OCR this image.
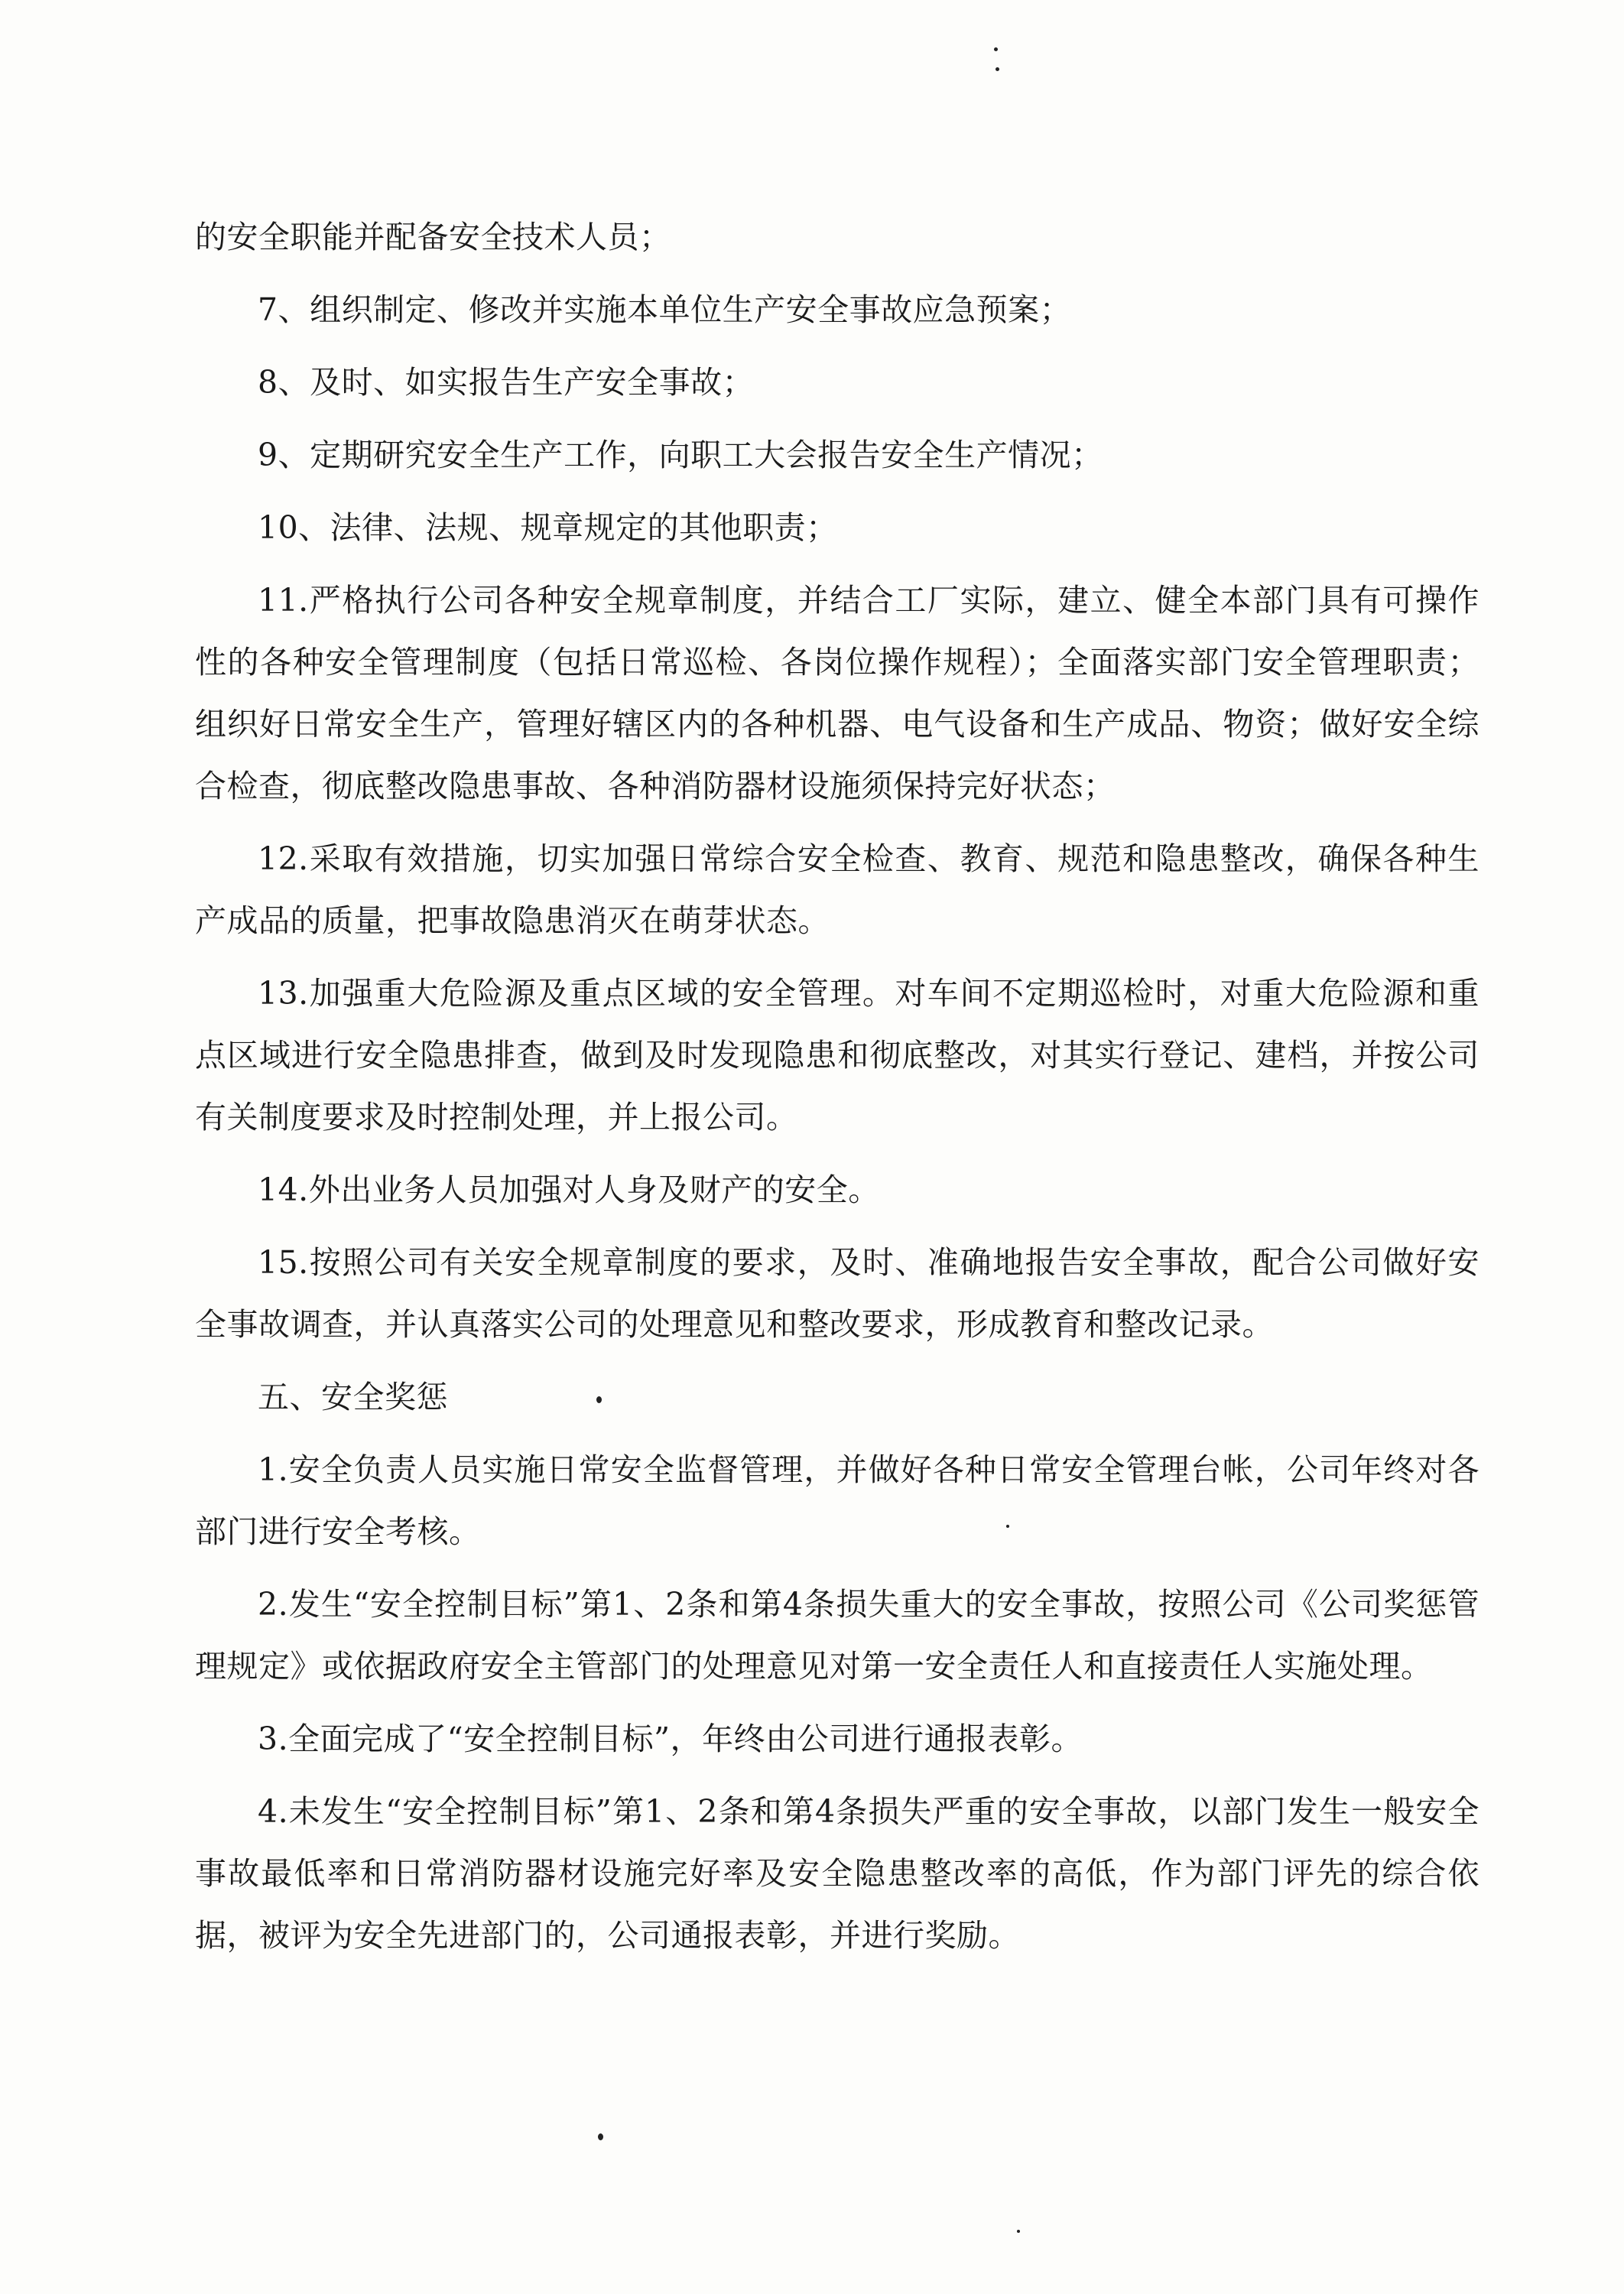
的安全职能并配备安全技术人员；

7、组织制定、修改并实施本单位生产安全事故应急预案；

8、及时、如实报告生产安全事故；

9、定期研究安全生产工作，向职工大会报告安全生产情况；

10、法律、法规、规章规定的其他职责；

11.严格执行公司各种安全规章制度，并结合工厂实际，建立、健全本部门具有可操作性的各种安全管理制度（包括日常巡检、各岗位操作规程）；全面落实部门安全管理职责；组织好日常安全生产，管理好辖区内的各种机器、电气设备和生产成品、物资；做好安全综合检查，彻底整改隐患事故、各种消防器材设施须保持完好状态；

12.采取有效措施，切实加强日常综合安全检查、教育、规范和隐患整改，确保各种生产成品的质量，把事故隐患消灭在萌芽状态。

13.加强重大危险源及重点区域的安全管理。对车间不定期巡检时，对重大危险源和重点区域进行安全隐患排查，做到及时发现隐患和彻底整改，对其实行登记、建档，并按公司有关制度要求及时控制处理，并上报公司。

14.外出业务人员加强对人身及财产的安全。

15.按照公司有关安全规章制度的要求，及时、准确地报告安全事故，配合公司做好安全事故调查，并认真落实公司的处理意见和整改要求，形成教育和整改记录。

五、安全奖惩

1.安全负责人员实施日常安全监督管理，并做好各种日常安全管理台帐，公司年终对各部门进行安全考核。

2.发生“安全控制目标”第1、2条和第4条损失重大的安全事故，按照公司《公司奖惩管理规定》或依据政府安全主管部门的处理意见对第一安全责任人和直接责任人实施处理。

3.全面完成了“安全控制目标”，年终由公司进行通报表彰。

4.未发生“安全控制目标”第1、2条和第4条损失严重的安全事故，以部门发生一般安全事故最低率和日常消防器材设施完好率及安全隐患整改率的高低，作为部门评先的综合依据，被评为安全先进部门的，公司通报表彰，并进行奖励。
